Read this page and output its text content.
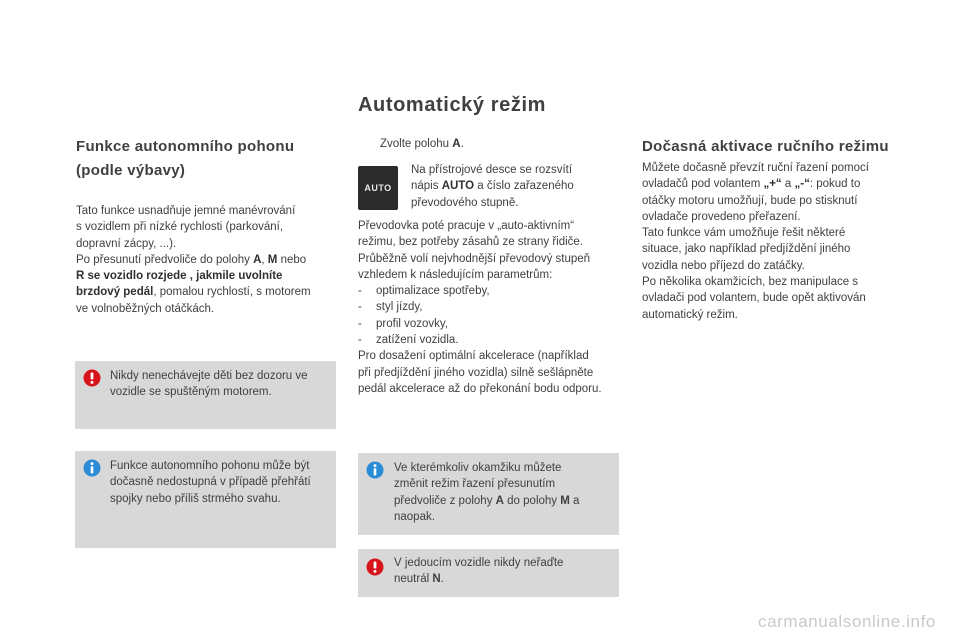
Automatický režim
Funkce autonomního pohonu
(podle výbavy)
Tato funkce usnadňuje jemné manévrování
s vozidlem při nízké rychlosti (parkování,
dopravní zácpy, ...).
Po přesunutí předvoliče do polohy A, M nebo
R se vozidlo rozjede , jakmile uvolníte
brzdový pedál, pomalou rychlostí, s motorem
ve volnoběžných otáčkách.
Nikdy nenechávejte děti bez dozoru ve
vozidle se spuštěným motorem.
Funkce autonomního pohonu může být
dočasně nedostupná v případě přehřátí
spojky nebo příliš strmého svahu.
Zvolte polohu A.
AUTO
Na přístrojové desce se rozsvítí
nápis AUTO a číslo zařazeného
převodového stupně.
Převodovka poté pracuje v „auto-aktivním“
režimu, bez potřeby zásahů ze strany řidiče.
Průběžně volí nejvhodnější převodový stupeň
vzhledem k následujícím parametrům:
-	optimalizace spotřeby,
-	styl jízdy,
-	profil vozovky,
-	zatížení vozidla.
Pro dosažení optimální akcelerace (například
při předjíždění jiného vozidla) silně sešlápněte
pedál akcelerace až do překonání bodu odporu.
Ve kterémkoliv okamžiku můžete
změnit režim řazení přesunutím
předvoliče z polohy A do polohy M a
naopak.
V jedoucím vozidle nikdy neřaďte
neutrál N.
Dočasná aktivace ručního režimu
Můžete dočasně převzít ruční řazení pomocí
ovladačů pod volantem „+“ a „-“: pokud to
otáčky motoru umožňují, bude po stisknutí
ovladače provedeno přeřazení.
Tato funkce vám umožňuje řešit některé
situace, jako například předjíždění jiného
vozidla nebo příjezd do zatáčky.
Po několika okamžicích, bez manipulace s
ovladači pod volantem, bude opět aktivován
automatický režim.
carmanualsonline.info
